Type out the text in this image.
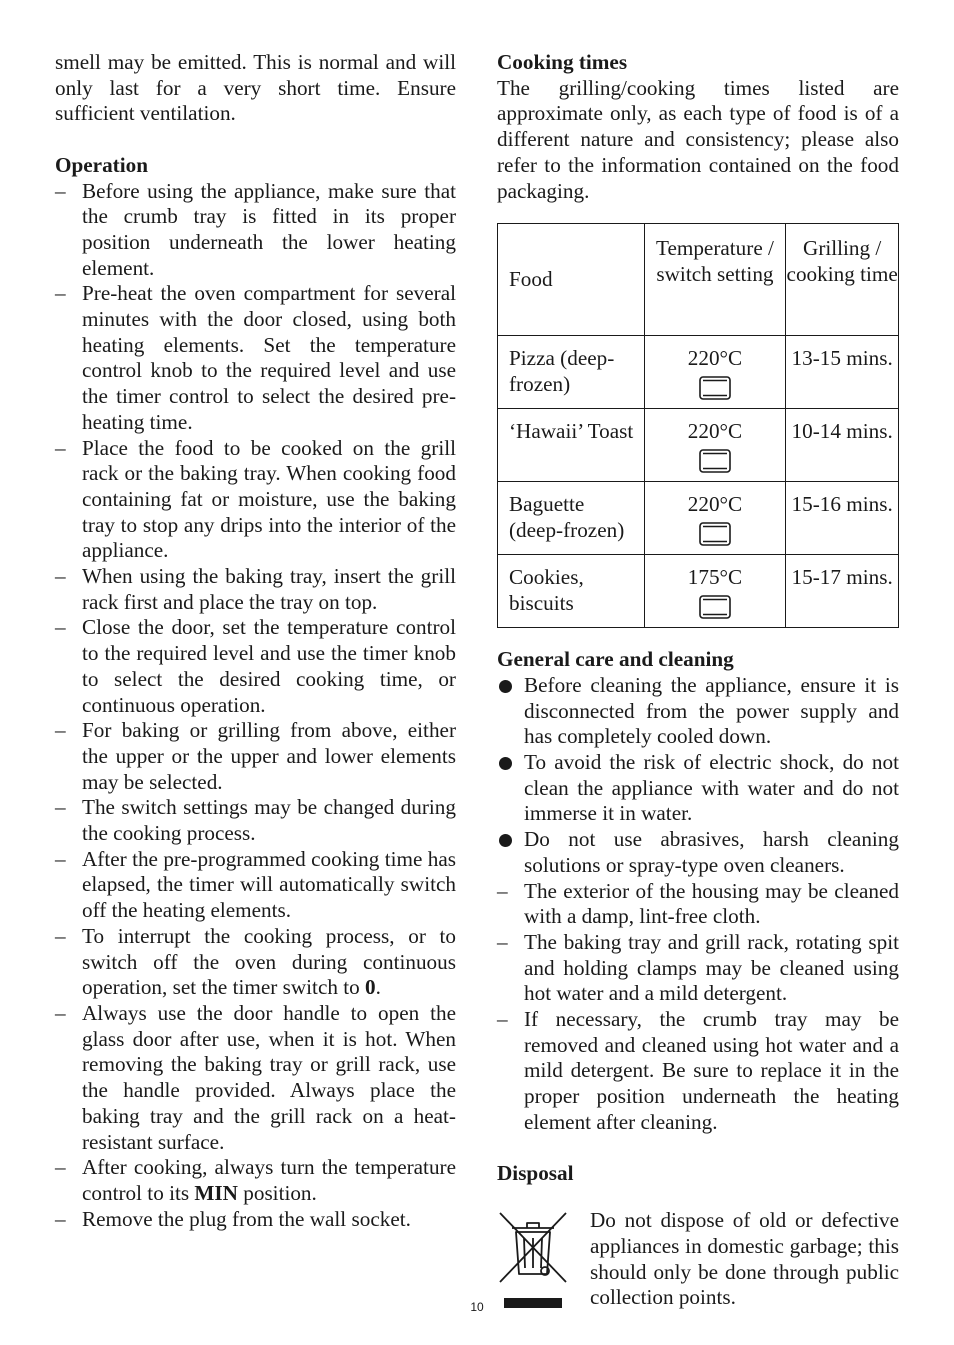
smell may be emitted. This is normal and will only last for a very short time. Ensure sufficient ventilation.

Operation

–
Before using the appliance, make sure that the crumb tray is fitted in its proper position underneath the lower heating element.
–
Pre-heat the oven compartment for several minutes with the door closed, using both heating elements. Set the temperature control knob to the required level and use the timer control to select the desired pre-heating time.
–
Place the food to be cooked on the grill rack or the baking tray. When cooking food containing fat or moisture, use the baking tray to stop any drips into the interior of the appliance.
–
When using the baking tray, insert the grill rack first and place the tray on top.
–
Close the door, set the temperature control to the required level and use the timer knob to select the desired cooking time, or continuous operation.
–
For baking or grilling from above, either the upper or the upper and lower elements may be selected.
–
The switch settings may be changed during the cooking process.
–
After the pre-programmed cooking time has elapsed, the timer will automatically switch off the heating elements.
–
To interrupt the cooking process, or to switch off the oven during continuous operation, set the timer switch to 0.
–
Always use the door handle to open the glass door after use, when it is hot. When removing the baking tray or grill rack, use the handle provided. Always place the baking tray and the grill rack on a heat-resistant surface.
–
After cooking, always turn the temperature control to its MIN position.
–
Remove the plug from the wall socket.

Cooking times

The grilling/cooking times listed are approximate only, as each type of food is of a different nature and consistency; please also refer to the information contained on the food packaging.

Food	Temperature / switch setting	Grilling / cooking time
Pizza (deep-frozen)	220°C	13-15 mins.
‘Hawaii’ Toast	220°C	10-14 mins.
Baguette (deep-frozen)	220°C	15-16 mins.
Cookies, biscuits	175°C	15-17 mins.

General care and cleaning

Before cleaning the appliance, ensure it is disconnected from the power supply and has completely cooled down.
To avoid the risk of electric shock, do not clean the appliance with water and do not immerse it in water.
Do not use abrasives, harsh cleaning solutions or spray-type oven cleaners.
–
The exterior of the housing may be cleaned with a damp, lint-free cloth.
–
The baking tray and grill rack, rotating spit and holding clamps may be cleaned using hot water and a mild detergent.
–
If necessary, the crumb tray may be removed and cleaned using hot water and a mild detergent. Be sure to replace it in the proper position underneath the heating element after cleaning.

Disposal

Do not dispose of old or defective appliances in domestic garbage; this should only be done through public collection points.

10
